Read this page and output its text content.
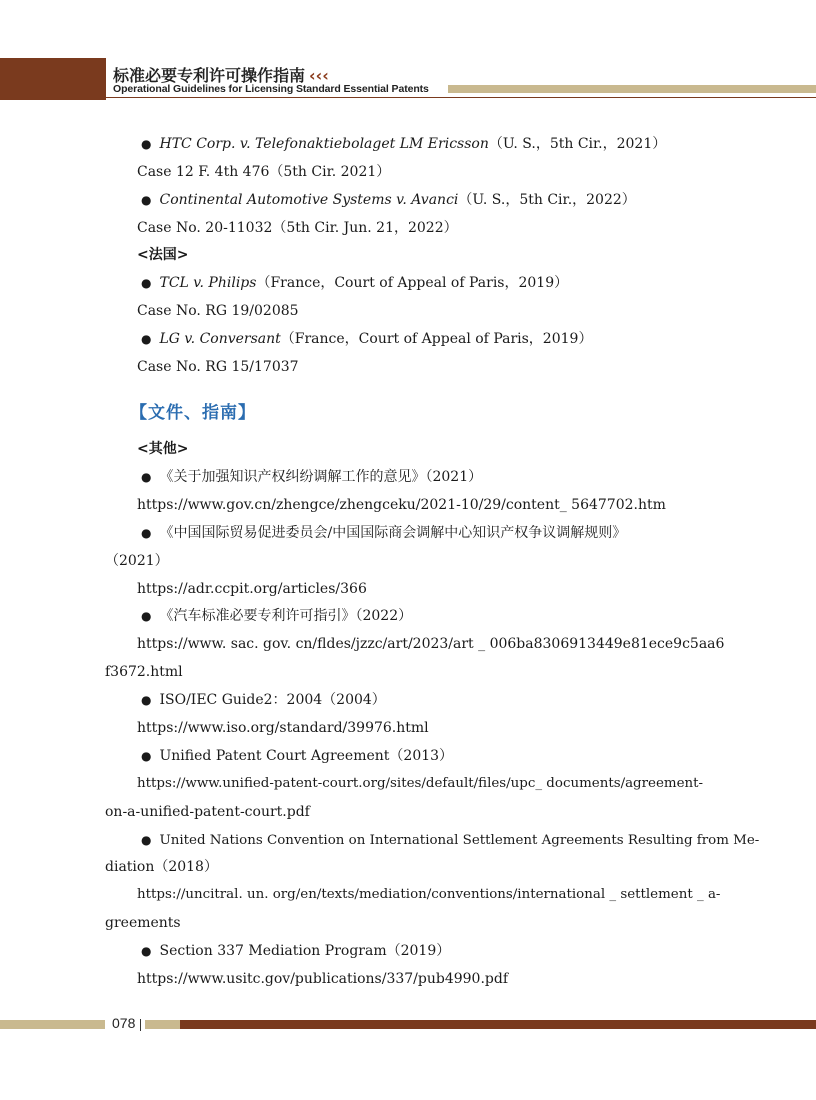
标准必要专利许可操作指南 ‹‹‹
Operational Guidelines for Licensing Standard Essential Patents
● HTC Corp. v. Telefonaktiebolaget LM Ericsson（U. S.，5th Cir.，2021）
Case 12 F. 4th 476（5th Cir. 2021）
● Continental Automotive Systems v. Avanci（U. S.，5th Cir.，2022）
Case No. 20-11032（5th Cir. Jun. 21，2022）
<法国>
● TCL v. Philips（France，Court of Appeal of Paris，2019）
Case No. RG 19/02085
● LG v. Conversant（France，Court of Appeal of Paris，2019）
Case No. RG 15/17037
【文件、指南】
<其他>
● 《关于加强知识产权纠纷调解工作的意见》（2021）
https://www.gov.cn/zhengce/zhengceku/2021-10/29/content_ 5647702.htm
● 《中国国际贸易促进委员会/中国国际商会调解中心知识产权争议调解规则》
（2021）
https://adr.ccpit.org/articles/366
● 《汽车标准必要专利许可指引》（2022）
https://www. sac. gov. cn/fldes/jzzc/art/2023/art _ 006ba8306913449e81ece9c5aa6
f3672.html
● ISO/IEC Guide2：2004（2004）
https://www.iso.org/standard/39976.html
● Unified Patent Court Agreement（2013）
https://www.unified-patent-court.org/sites/default/files/upc_ documents/agreement-
on-a-unified-patent-court.pdf
● United Nations Convention on International Settlement Agreements Resulting from Me-
diation（2018）
https://uncitral. un. org/en/texts/mediation/conventions/international _ settlement _ a-
greements
● Section 337 Mediation Program（2019）
https://www.usitc.gov/publications/337/pub4990.pdf
078
